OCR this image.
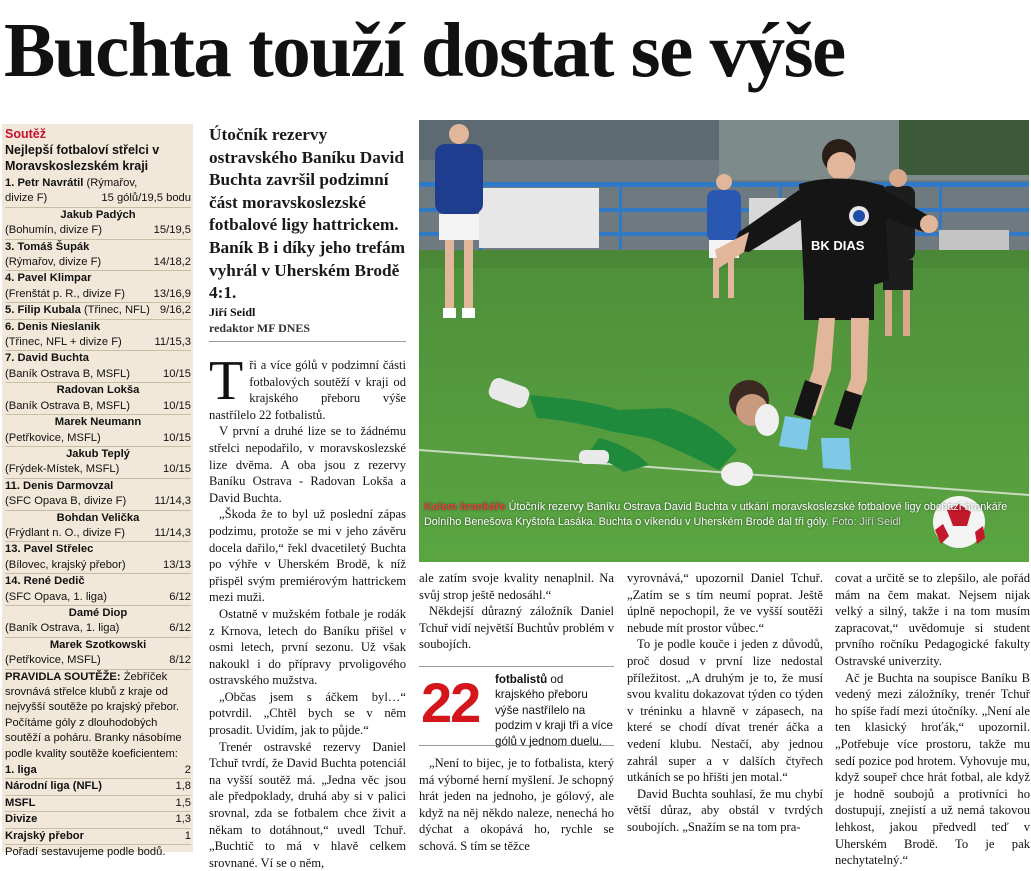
Buchta touží dostat se výše
Soutěž
Nejlepší fotbaloví střelci v Moravskoslezském kraji
1. Petr Navrátil (Rýmařov,
divize F)	15 gólů/19,5 bodu
Jakub Padých
(Bohumín, divize F)	15/19,5
3. Tomáš Šupák
(Rýmařov, divize F)	14/18,2
4. Pavel Klimpar
(Frenštát p. R., divize F)	13/16,9
5. Filip Kubala (Třinec, NFL) 9/16,2
6. Denis Nieslanik
(Třinec, NFL + divize F)	11/15,3
7. David Buchta
(Baník Ostrava B, MSFL)	10/15
Radovan Lokša
(Baník Ostrava B, MSFL)	10/15
Marek Neumann
(Petřkovice, MSFL)	10/15
Jakub Teplý
(Frýdek-Místek, MSFL)	10/15
11. Denis Darmovzal
(SFC Opava B, divize F)	11/14,3
Bohdan Velička
(Frýdlant n. O., divize F)	11/14,3
13. Pavel Střelec
(Bílovec, krajský přebor)	13/13
14. René Dedič
(SFC Opava, 1. liga)	6/12
Damé Diop
(Baník Ostrava, 1. liga)	6/12
Marek Szotkowski
(Petřkovice, MSFL)	8/12
PRAVIDLA SOUTĚŽE: Żebříček srovnává střelce klubů z kraje od nejvyšší soutěže po krajský přebor. Počítáme góly z dlouhodobých soutěží a poháru. Branky násobíme podle kvality soutěže koeficientem:
1. liga	2
Národní liga (NFL)	1,8
MSFL	1,5
Divize	1,3
Krajský přebor	1
Pořadí sestavujeme podle bodů.

Útočník rezervy ostravského Baníku David Buchta završil podzimní část moravskoslezské fotbalové ligy hattrickem. Baník B i díky jeho trefám vyhrál v Uherském Brodě 4:1.

Jiří Seidl
redaktor MF DNES

Tři a více gólů v podzimní části fotbalových soutěží v kraji od krajského přeboru výše nastřílelo 22 fotbalistů.

V první a druhé lize se to žádnému střelci nepodařilo, v moravskoslezské lize dvěma. A oba jsou z rezervy Baníku Ostrava - Radovan Lokša a David Buchta.

„Škoda že to byl už poslední zápas podzimu, protože se mi v jeho závěru docela dařilo,“ řekl dvacetiletý Buchta po výhře v Uherském Brodě, k níž přispěl svým premiérovým hattrickem mezi muži.

Ostatně v mužském fotbale je rodák z Krnova, letech do Baníku přišel v osmi letech, první sezonu. Už však nakoukl i do přípravy prvoligového ostravského mužstva.

„Občas jsem s áčkem byl…“ potvrdil. „Chtěl bych se v něm prosadit. Uvidím, jak to půjde.“

Trenér ostravské rezervy Daniel Tchuř tvrdí, že David Buchta potenciál na vyšší soutěž má. „Jedna věc jsou ale předpoklady, druhá aby si v palici srovnal, zda se fotbalem chce živit a někam to dotáhnout,“ uvedl Tchuř. „Buchtič to má v hlavě celkem srovnané. Ví se o něm,

BK DIAS
Kolem brankáře Útočník rezervy Baníku Ostrava David Buchta v utkání moravskoslezské fotbalové ligy obchází brankáře Dolního Benešova Kryštofa Lasáka. Buchta o víkendu v Uherském Brodě dal tři góly. Foto: Jiří Seidl

ale zatím svoje kvality nenaplnil. Na svůj strop ještě nedosáhl.“

Někdejší důrazný záložník Daniel Tchuř vidí největší Buchtův problém v soubojích.

„Není to bijec, je to fotbalista, který má výborné herní myšlení. Je schopný hrát jeden na jednoho, je gólový, ale když na něj někdo naleze, nenechá ho dýchat a okopává ho, rychle se schová. S tím se těžce

22 fotbalistů od krajského přeboru výše nastřílelo na podzim v kraji tři a více gólů v jednom duelu.

vyrovnává,“ upozornil Daniel Tchuř. „Zatím se s tím neumí poprat. Ještě úplně nepochopil, že ve vyšší soutěži nebude mít prostor vůbec.“

To je podle kouče i jeden z důvodů, proč dosud v první lize nedostal příležitost. „A druhým je to, že musí svou kvalitu dokazovat týden co týden v tréninku a hlavně v zápasech, na které se chodí dívat trenér áčka a vedení klubu. Nestačí, aby jednou zahrál super a v dalších čtyřech utkáních se po hřišti jen motal.“

David Buchta souhlasí, že mu chybí větší důraz, aby obstál v tvrdých soubojích. „Snažím se na tom pra-

covat a určitě se to zlepšilo, ale pořád mám na čem makat. Nejsem nijak velký a silný, takže i na tom musím zapracovat,“ uvědomuje si student prvního ročníku Pedagogické fakulty Ostravské univerzity.

Ač je Buchta na soupisce Baníku B vedený mezi záložníky, trenér Tchuř ho spíše řadí mezi útočníky. „Není ale ten klasický hroťák,“ upozornil. „Potřebuje více prostoru, takže mu sedí pozice pod hrotem. Vyhovuje mu, když soupeř chce hrát fotbal, ale když je hodně soubojů a protivníci ho dostupují, znejistí a už nemá takovou lehkost, jakou předvedl teď v Uherském Brodě. To je pak nechytatelný.“
